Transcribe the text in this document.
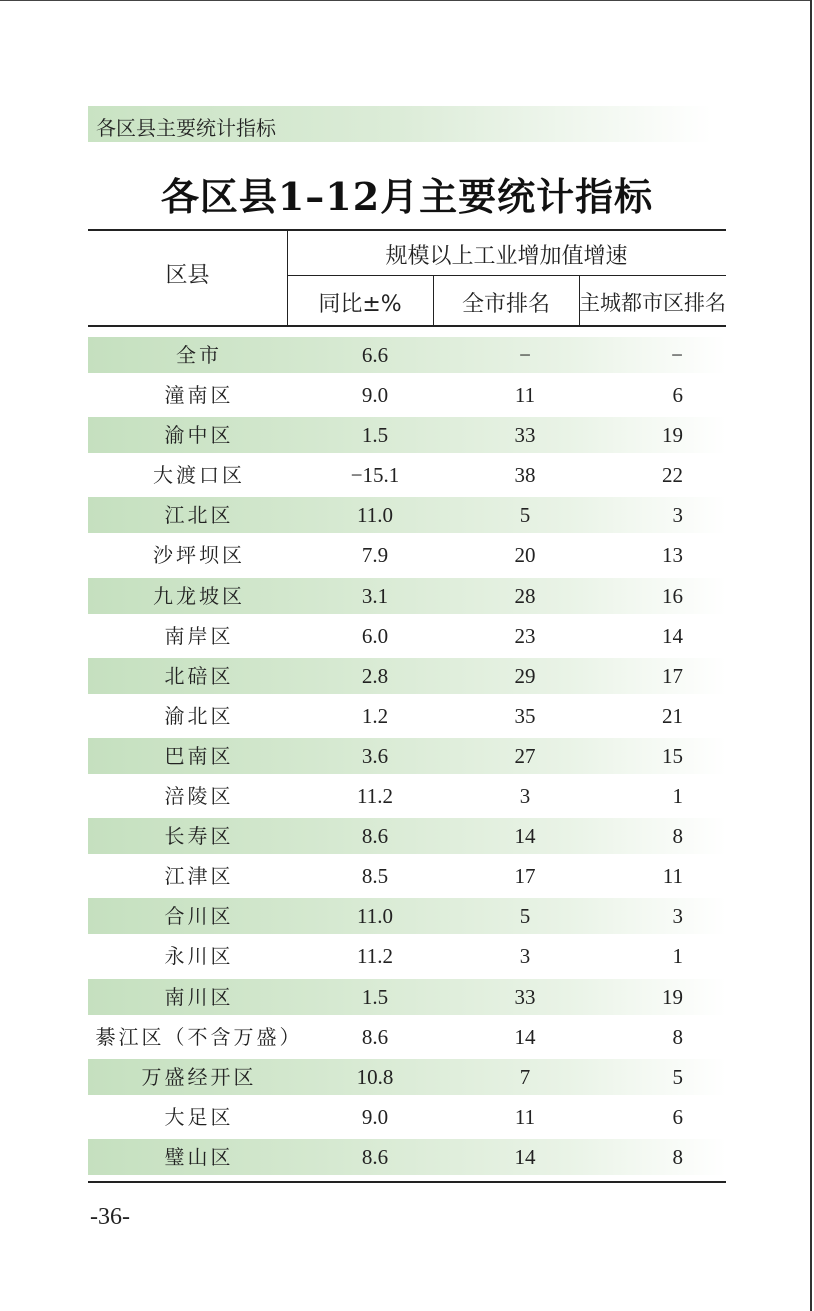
各区县主要统计指标
各区县1–12月主要统计指标
区县
规模以上工业增加值增速
同比±%	全市排名	主城都市区排名
全市	6.6	−	−
潼南区	9.0	11	6
渝中区	1.5	33	19
大渡口区	−15.1	38	22
江北区	11.0	5	3
沙坪坝区	7.9	20	13
九龙坡区	3.1	28	16
南岸区	6.0	23	14
北碚区	2.8	29	17
渝北区	1.2	35	21
巴南区	3.6	27	15
涪陵区	11.2	3	1
长寿区	8.6	14	8
江津区	8.5	17	11
合川区	11.0	5	3
永川区	11.2	3	1
南川区	1.5	33	19
綦江区（不含万盛）	8.6	14	8
万盛经开区	10.8	7	5
大足区	9.0	11	6
璧山区	8.6	14	8
-36-
